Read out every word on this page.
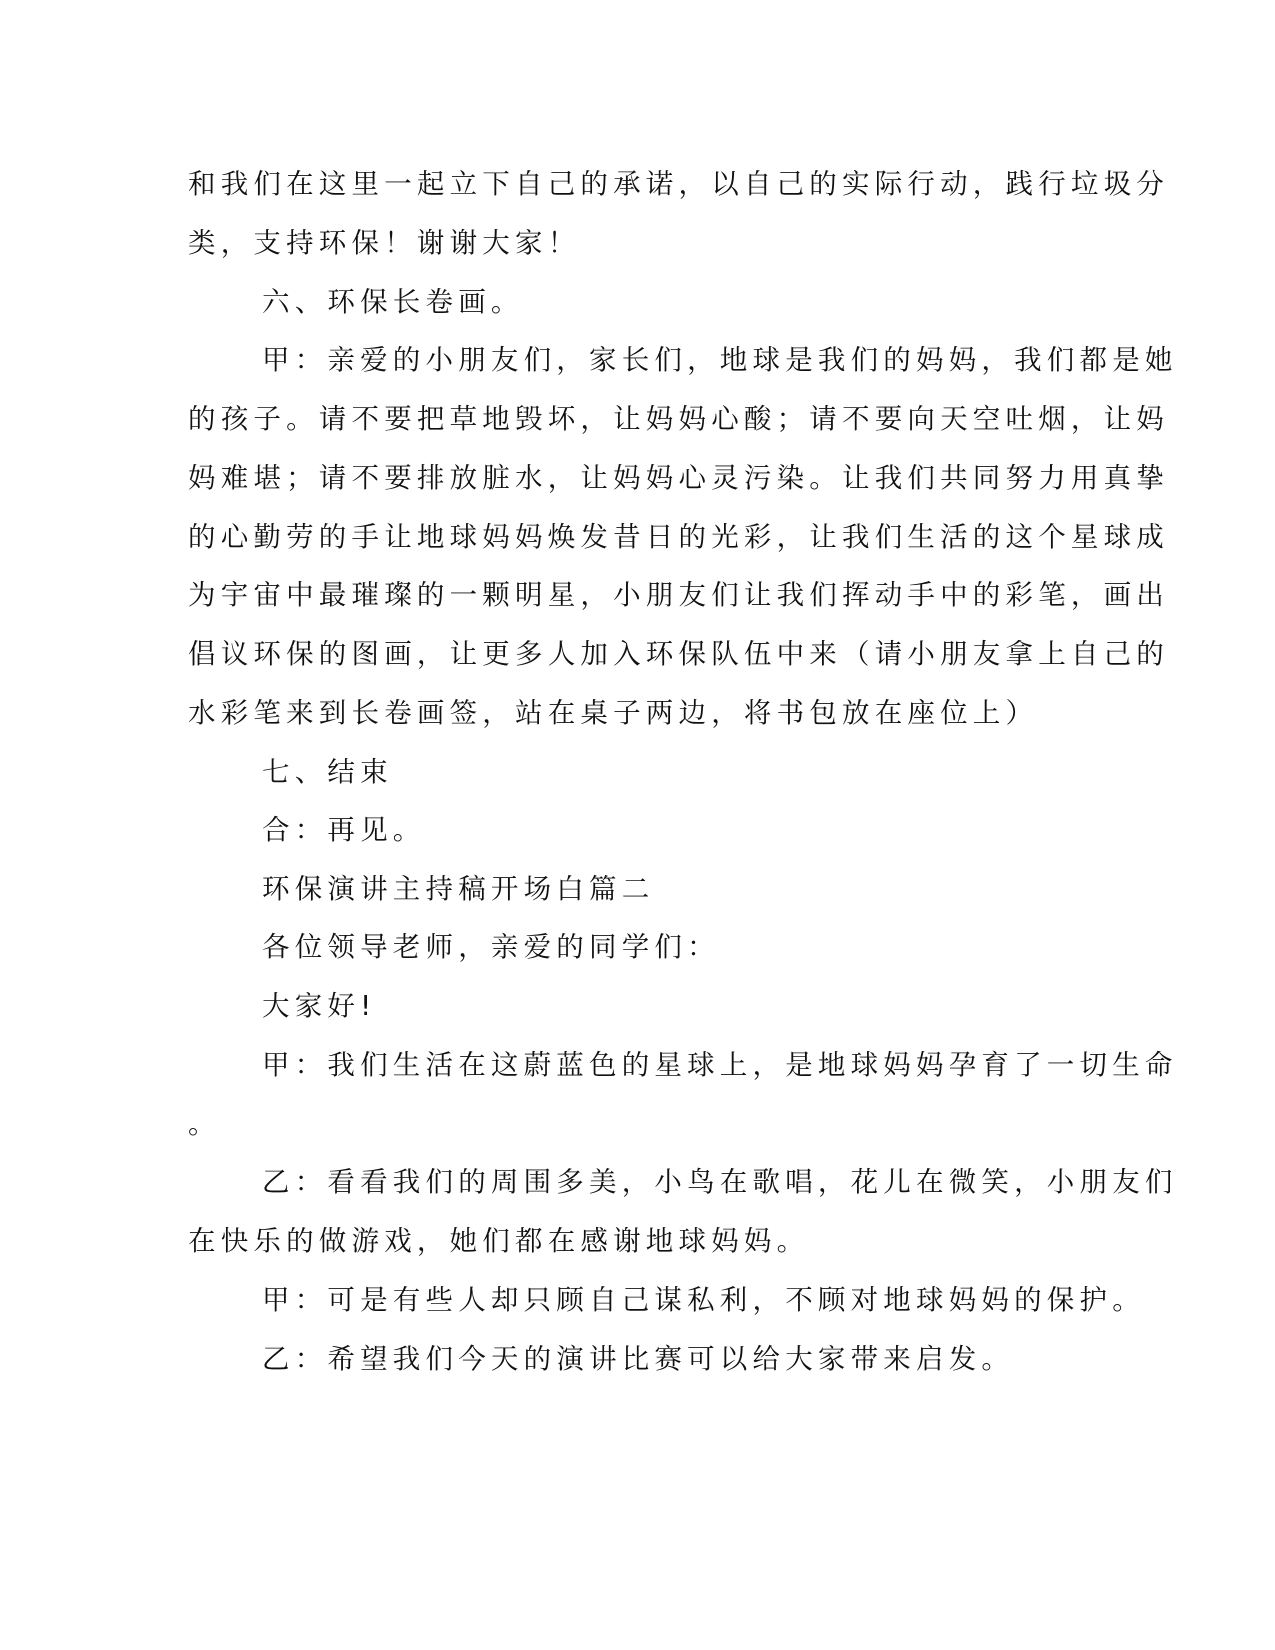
和我们在这里一起立下自己的承诺，以自己的实际行动，践行垃圾分
类，支持环保！谢谢大家！
六、环保长卷画。
甲：亲爱的小朋友们，家长们，地球是我们的妈妈，我们都是她
的孩子。请不要把草地毁坏，让妈妈心酸；请不要向天空吐烟，让妈
妈难堪；请不要排放脏水，让妈妈心灵污染。让我们共同努力用真挚
的心勤劳的手让地球妈妈焕发昔日的光彩，让我们生活的这个星球成
为宇宙中最璀璨的一颗明星，小朋友们让我们挥动手中的彩笔，画出
倡议环保的图画，让更多人加入环保队伍中来（请小朋友拿上自己的
水彩笔来到长卷画签，站在桌子两边，将书包放在座位上）
七、结束
合：再见。
环保演讲主持稿开场白篇二
各位领导老师，亲爱的同学们：
大家好!
甲：我们生活在这蔚蓝色的星球上，是地球妈妈孕育了一切生命
。
乙：看看我们的周围多美，小鸟在歌唱，花儿在微笑，小朋友们
在快乐的做游戏，她们都在感谢地球妈妈。
甲：可是有些人却只顾自己谋私利，不顾对地球妈妈的保护。
乙：希望我们今天的演讲比赛可以给大家带来启发。
